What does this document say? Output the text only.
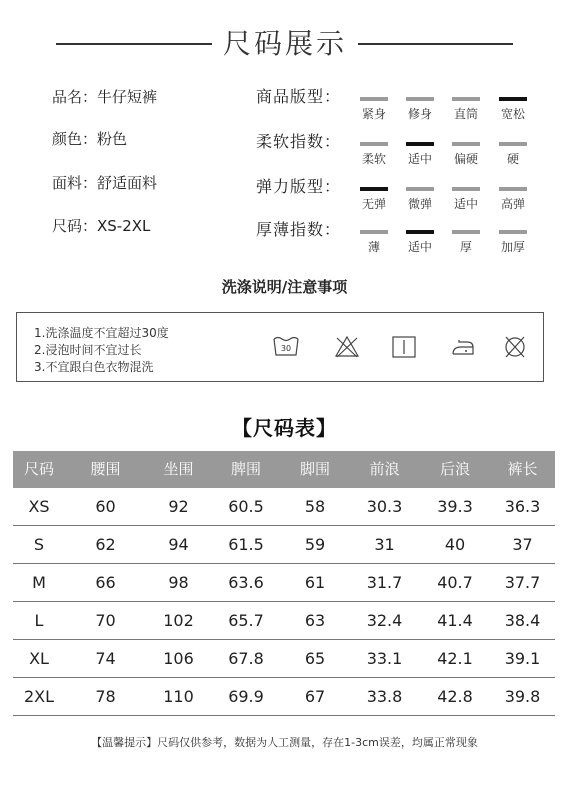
尺码展示
品名：牛仔短裤
颜色：粉色
面料：舒适面料
尺码：XS-2XL
商品版型：
紧身	修身	直筒	宽松
柔软指数：
柔软	适中	偏硬	硬
弹力版型：
无弹	微弹	适中	高弹
厚薄指数：
薄	适中	厚	加厚
洗涤说明/注意事项
1.洗涤温度不宜超过30度
2.浸泡时间不宜过长
3.不宜跟白色衣物混洗
30
【尺码表】
尺码	腰围	坐围	脾围	脚围	前浪	后浪	裤长
XS	60	92	60.5	58	30.3	39.3	36.3
S	62	94	61.5	59	31	40	37
M	66	98	63.6	61	31.7	40.7	37.7
L	70	102	65.7	63	32.4	41.4	38.4
XL	74	106	67.8	65	33.1	42.1	39.1
2XL	78	110	69.9	67	33.8	42.8	39.8
【温馨提示】尺码仅供参考，数据为人工测量，存在1-3cm误差，均属正常现象
